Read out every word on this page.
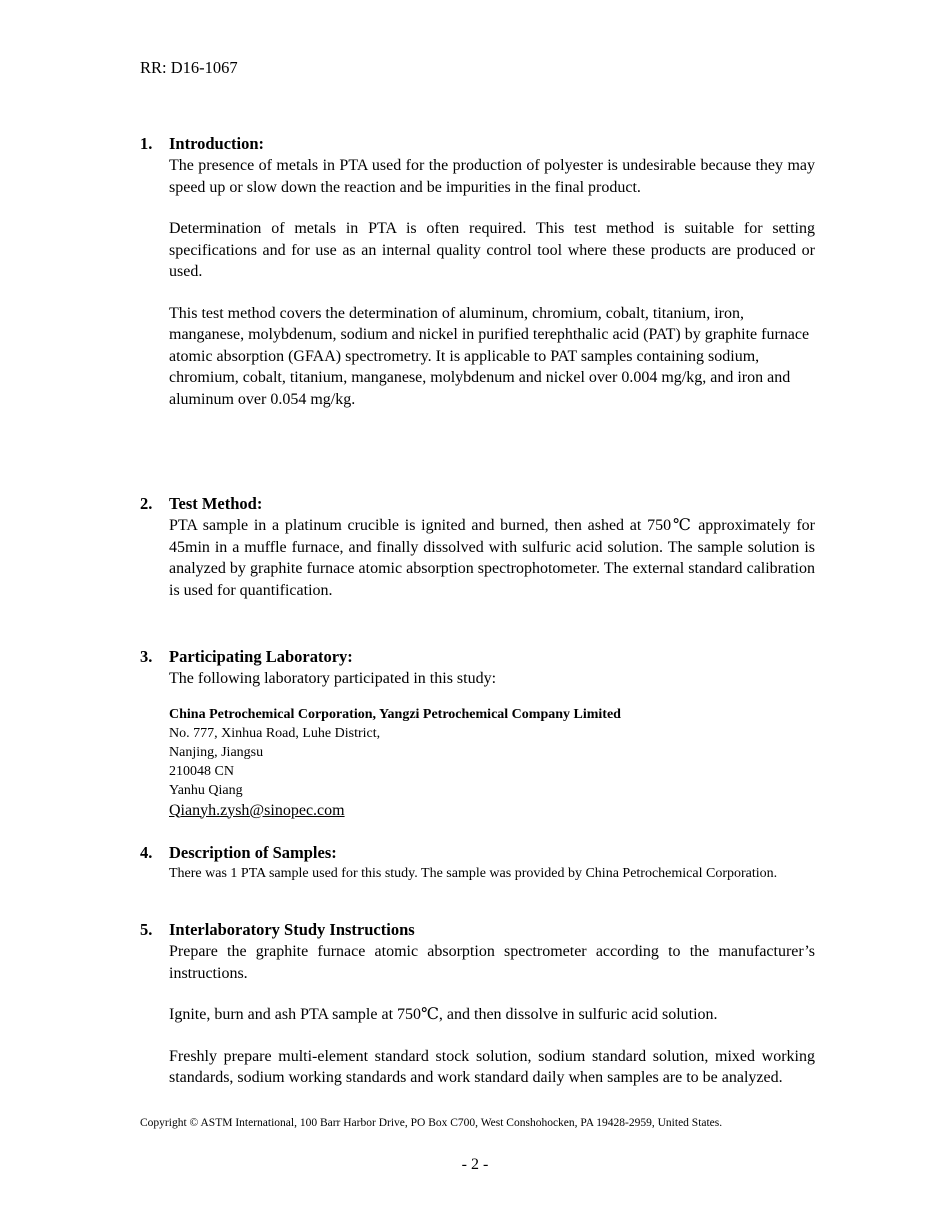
RR: D16-1067
1. Introduction:

The presence of metals in PTA used for the production of polyester is undesirable because they may speed up or slow down the reaction and be impurities in the final product.

Determination of metals in PTA is often required. This test method is suitable for setting specifications and for use as an internal quality control tool where these products are produced or used.

This test method covers the determination of aluminum, chromium, cobalt, titanium, iron, manganese, molybdenum, sodium and nickel in purified terephthalic acid (PAT) by graphite furnace atomic absorption (GFAA) spectrometry. It is applicable to PAT samples containing sodium, chromium, cobalt, titanium, manganese, molybdenum and nickel over 0.004 mg/kg, and iron and aluminum over 0.054 mg/kg.

2. Test Method:

PTA sample in a platinum crucible is ignited and burned, then ashed at 750℃ approximately for 45min in a muffle furnace, and finally dissolved with sulfuric acid solution. The sample solution is analyzed by graphite furnace atomic absorption spectrophotometer. The external standard calibration is used for quantification.

3. Participating Laboratory:
The following laboratory participated in this study:
China Petrochemical Corporation, Yangzi Petrochemical Company Limited
No. 777, Xinhua Road, Luhe District,
Nanjing, Jiangsu
210048 CN
Yanhu Qiang
Qianyh.zysh@sinopec.com
4. Description of Samples:
There was 1 PTA sample used for this study. The sample was provided by China Petrochemical Corporation.
5. Interlaboratory Study Instructions

Prepare the graphite furnace atomic absorption spectrometer according to the manufacturer’s instructions.

Ignite, burn and ash PTA sample at 750℃, and then dissolve in sulfuric acid solution.

Freshly prepare multi-element standard stock solution, sodium standard solution, mixed working standards, sodium working standards and work standard daily when samples are to be analyzed.

Copyright © ASTM International, 100 Barr Harbor Drive, PO Box C700, West Conshohocken, PA 19428-2959, United States.
- 2 -
